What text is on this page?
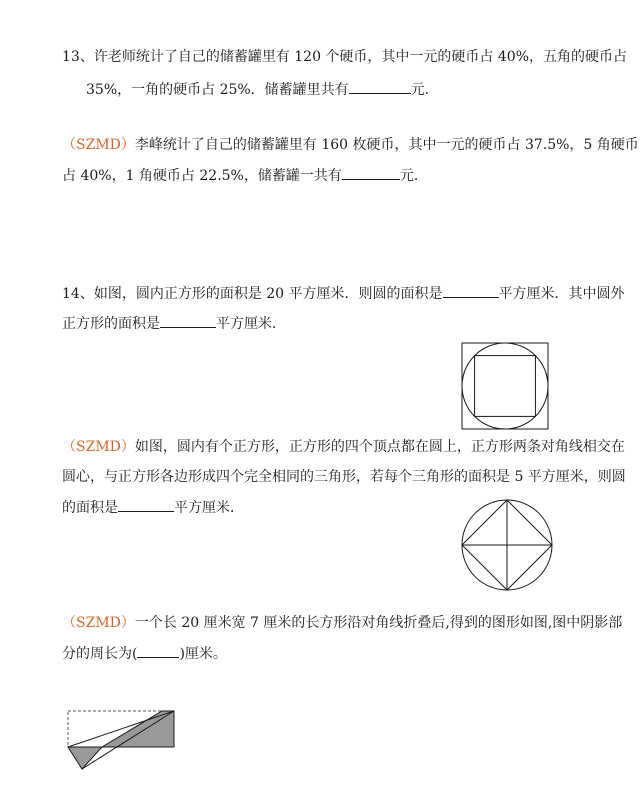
13、许老师统计了自己的储蓄罐里有 120 个硬币，其中一元的硬币占 40%，五角的硬币占
35%，一角的硬币占 25%．储蓄罐里共有	元．
（SZMD）李峰统计了自己的储蓄罐里有 160 枚硬币，其中一元的硬币占 37.5%，5 角硬币
占 40%，1 角硬币占 22.5%，储蓄罐一共有	元．
14、如图，圆内正方形的面积是 20 平方厘米．则圆的面积是	平方厘米．其中圆外
正方形的面积是	平方厘米．
（SZMD）如图，圆内有个正方形，正方形的四个顶点都在圆上，正方形两条对角线相交在
圆心，与正方形各边形成四个完全相同的三角形，若每个三角形的面积是 5 平方厘米，则圆
的面积是	平方厘米．
（SZMD）一个长 20 厘米宽 7 厘米的长方形沿对角线折叠后,得到的图形如图,图中阴影部
分的周长为(	)厘米。
